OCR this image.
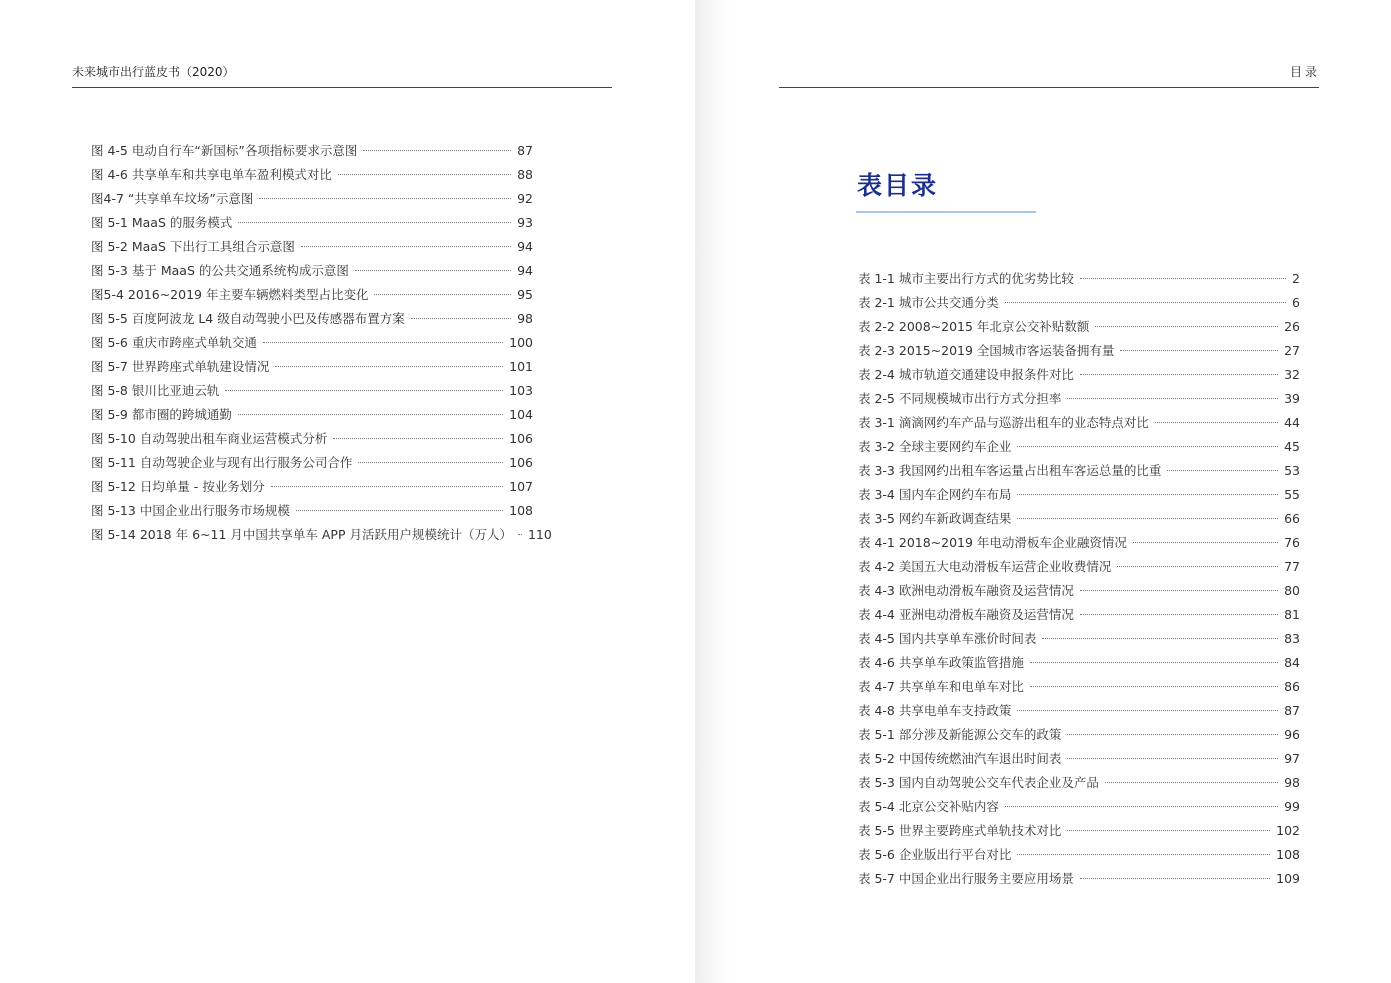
未来城市出行蓝皮书（2020）
图 4-5 电动自行车“新国标”各项指标要求示意图	87
图 4-6 共享单车和共享电单车盈利模式对比	88
图4-7 “共享单车坟场”示意图	92
图 5-1 MaaS 的服务模式	93
图 5-2 MaaS 下出行工具组合示意图	94
图 5-3 基于 MaaS 的公共交通系统构成示意图	94
图5-4 2016~2019 年主要车辆燃料类型占比变化	95
图 5-5 百度阿波龙 L4 级自动驾驶小巴及传感器布置方案	98
图 5-6 重庆市跨座式单轨交通	100
图 5-7 世界跨座式单轨建设情况	101
图 5-8 银川比亚迪云轨	103
图 5-9 都市圈的跨城通勤	104
图 5-10 自动驾驶出租车商业运营模式分析	106
图 5-11 自动驾驶企业与现有出行服务公司合作	106
图 5-12 日均单量 - 按业务划分	107
图 5-13 中国企业出行服务市场规模	108
图 5-14 2018 年 6~11 月中国共享单车 APP 月活跃用户规模统计（万人）	110
目录
表目录
表 1-1 城市主要出行方式的优劣势比较	2
表 2-1 城市公共交通分类	6
表 2-2 2008~2015 年北京公交补贴数额	26
表 2-3 2015~2019 全国城市客运装备拥有量	27
表 2-4 城市轨道交通建设申报条件对比	32
表 2-5 不同规模城市出行方式分担率	39
表 3-1 滴滴网约车产品与巡游出租车的业态特点对比	44
表 3-2 全球主要网约车企业	45
表 3-3 我国网约出租车客运量占出租车客运总量的比重	53
表 3-4 国内车企网约车布局	55
表 3-5 网约车新政调查结果	66
表 4-1 2018~2019 年电动滑板车企业融资情况	76
表 4-2 美国五大电动滑板车运营企业收费情况	77
表 4-3 欧洲电动滑板车融资及运营情况	80
表 4-4 亚洲电动滑板车融资及运营情况	81
表 4-5 国内共享单车涨价时间表	83
表 4-6 共享单车政策监管措施	84
表 4-7 共享单车和电单车对比	86
表 4-8 共享电单车支持政策	87
表 5-1 部分涉及新能源公交车的政策	96
表 5-2 中国传统燃油汽车退出时间表	97
表 5-3 国内自动驾驶公交车代表企业及产品	98
表 5-4 北京公交补贴内容	99
表 5-5 世界主要跨座式单轨技术对比	102
表 5-6 企业版出行平台对比	108
表 5-7 中国企业出行服务主要应用场景	109
